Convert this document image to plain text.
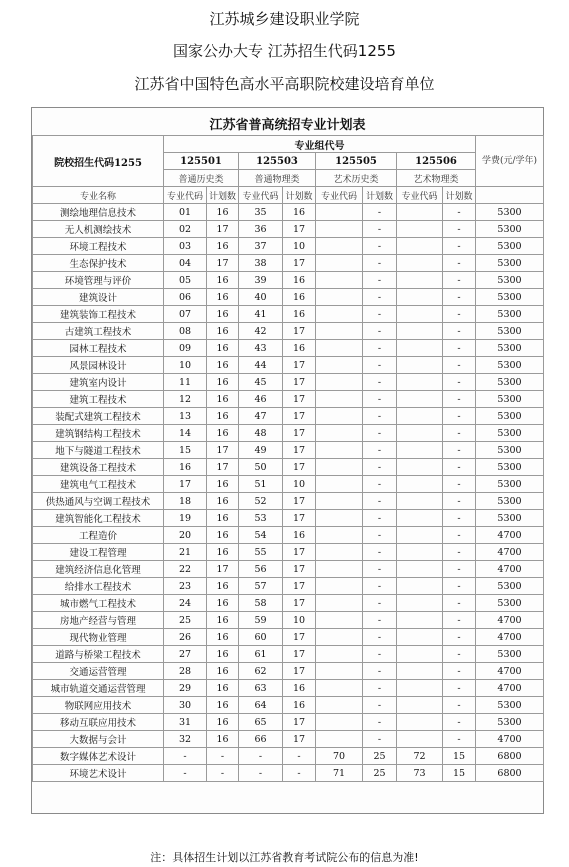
江苏城乡建设职业学院
国家公办大专 江苏招生代码1255
江苏省中国特色高水平高职院校建设培育单位
江苏省普高统招专业计划表
院校招生代码1255	专业组代号								学费(元/学年)
	125501		125503		125505		125506		
	普通历史类		普通物理类		艺术历史类		艺术物理类		
专业名称	专业代码	计划数	专业代码	计划数	专业代码	计划数	专业代码	计划数	
测绘地理信息技术	01	16	35	16		-		-	5300
无人机测绘技术	02	17	36	17		-		-	5300
环境工程技术	03	16	37	10		-		-	5300
生态保护技术	04	17	38	17		-		-	5300
环境管理与评价	05	16	39	16		-		-	5300
建筑设计	06	16	40	16		-		-	5300
建筑装饰工程技术	07	16	41	16		-		-	5300
古建筑工程技术	08	16	42	17		-		-	5300
园林工程技术	09	16	43	16		-		-	5300
风景园林设计	10	16	44	17		-		-	5300
建筑室内设计	11	16	45	17		-		-	5300
建筑工程技术	12	16	46	17		-		-	5300
装配式建筑工程技术	13	16	47	17		-		-	5300
建筑钢结构工程技术	14	16	48	17		-		-	5300
地下与隧道工程技术	15	17	49	17		-		-	5300
建筑设备工程技术	16	17	50	17		-		-	5300
建筑电气工程技术	17	16	51	10		-		-	5300
供热通风与空调工程技术	18	16	52	17		-		-	5300
建筑智能化工程技术	19	16	53	17		-		-	5300
工程造价	20	16	54	16		-		-	4700
建设工程管理	21	16	55	17		-		-	4700
建筑经济信息化管理	22	17	56	17		-		-	4700
给排水工程技术	23	16	57	17		-		-	5300
城市燃气工程技术	24	16	58	17		-		-	5300
房地产经营与管理	25	16	59	10		-		-	4700
现代物业管理	26	16	60	17		-		-	4700
道路与桥梁工程技术	27	16	61	17		-		-	5300
交通运营管理	28	16	62	17		-		-	4700
城市轨道交通运营管理	29	16	63	16		-		-	4700
物联网应用技术	30	16	64	16		-		-	5300
移动互联应用技术	31	16	65	17		-		-	5300
大数据与会计	32	16	66	17		-		-	4700
数字媒体艺术设计	-	-	-	-	70	25	72	15	6800
环境艺术设计	-	-	-	-	71	25	73	15	6800
注：具体招生计划以江苏省教育考试院公布的信息为准!
